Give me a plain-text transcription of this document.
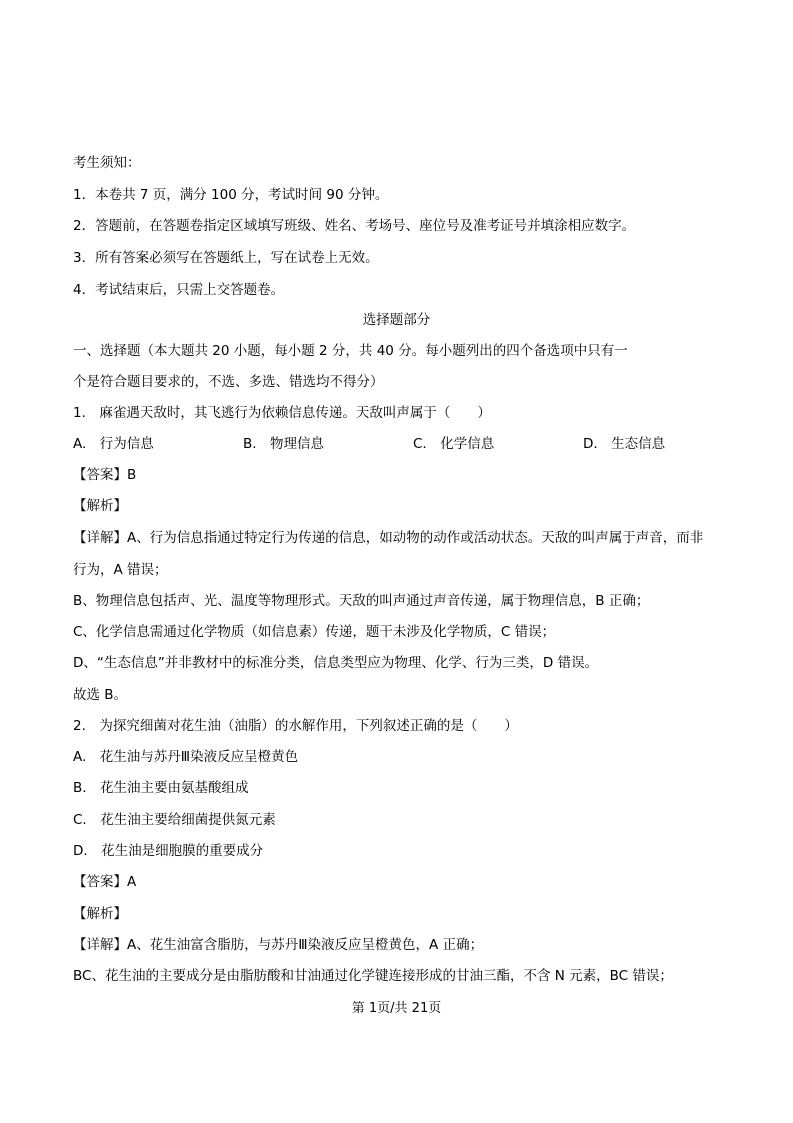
考生须知：
1．本卷共 7 页，满分 100 分，考试时间 90 分钟。
2．答题前，在答题卷指定区域填写班级、姓名、考场号、座位号及准考证号并填涂相应数字。
3．所有答案必须写在答题纸上，写在试卷上无效。
4．考试结束后，只需上交答题卷。
选择题部分
一、选择题（本大题共 20 小题，每小题 2 分，共 40 分。每小题列出的四个备选项中只有一
个是符合题目要求的，不选、多选、错选均不得分）
1.　麻雀遇天敌时，其飞逃行为依赖信息传递。天敌叫声属于（　　）
A.　行为信息	B.　物理信息	C.　化学信息	D.　生态信息
【答案】B
【解析】
【详解】A、行为信息指通过特定行为传递的信息，如动物的动作或活动状态。天敌的叫声属于声音，而非
行为，A 错误；
B、物理信息包括声、光、温度等物理形式。天敌的叫声通过声音传递，属于物理信息，B 正确；
C、化学信息需通过化学物质（如信息素）传递，题干未涉及化学物质，C 错误；
D、“生态信息”并非教材中的标准分类，信息类型应为物理、化学、行为三类，D 错误。
故选 B。
2.　为探究细菌对花生油（油脂）的水解作用，下列叙述正确的是（　　）
A.　花生油与苏丹Ⅲ染液反应呈橙黄色
B.　花生油主要由氨基酸组成
C.　花生油主要给细菌提供氮元素
D.　花生油是细胞膜的重要成分
【答案】A
【解析】
【详解】A、花生油富含脂肪，与苏丹Ⅲ染液反应呈橙黄色，A 正确；
BC、花生油的主要成分是由脂肪酸和甘油通过化学键连接形成的甘油三酯，不含 N 元素，BC 错误；
第 1页/共 21页
